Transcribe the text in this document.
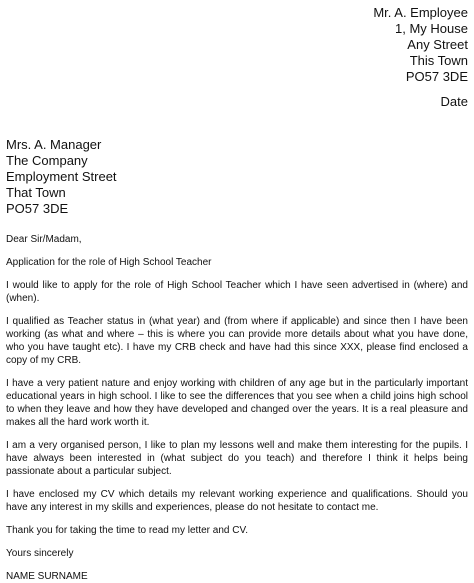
Mr. A. Employee
1, My House
Any Street
This Town
PO57 3DE
Date
Mrs. A. Manager
The Company
Employment Street
That Town
PO57 3DE

Dear Sir/Madam,

Application for the role of High School Teacher

I would like to apply for the role of High School Teacher which I have seen advertised in (where) and (when).

I qualified as Teacher status in (what year) and (from where if applicable) and since then I have been working (as what and where – this is where you can provide more details about what you have done, who you have taught etc). I have my CRB check and have had this since XXX, please find enclosed a copy of my CRB.

I have a very patient nature and enjoy working with children of any age but in the particularly important educational years in high school. I like to see the differences that you see when a child joins high school to when they leave and how they have developed and changed over the years. It is a real pleasure and makes all the hard work worth it.

I am a very organised person, I like to plan my lessons well and make them interesting for the pupils. I have always been interested in (what subject do you teach) and therefore I think it helps being passionate about a particular subject.

I have enclosed my CV which details my relevant working experience and qualifications. Should you have any interest in my skills and experiences, please do not hesitate to contact me.

Thank you for taking the time to read my letter and CV.

Yours sincerely

NAME SURNAME
